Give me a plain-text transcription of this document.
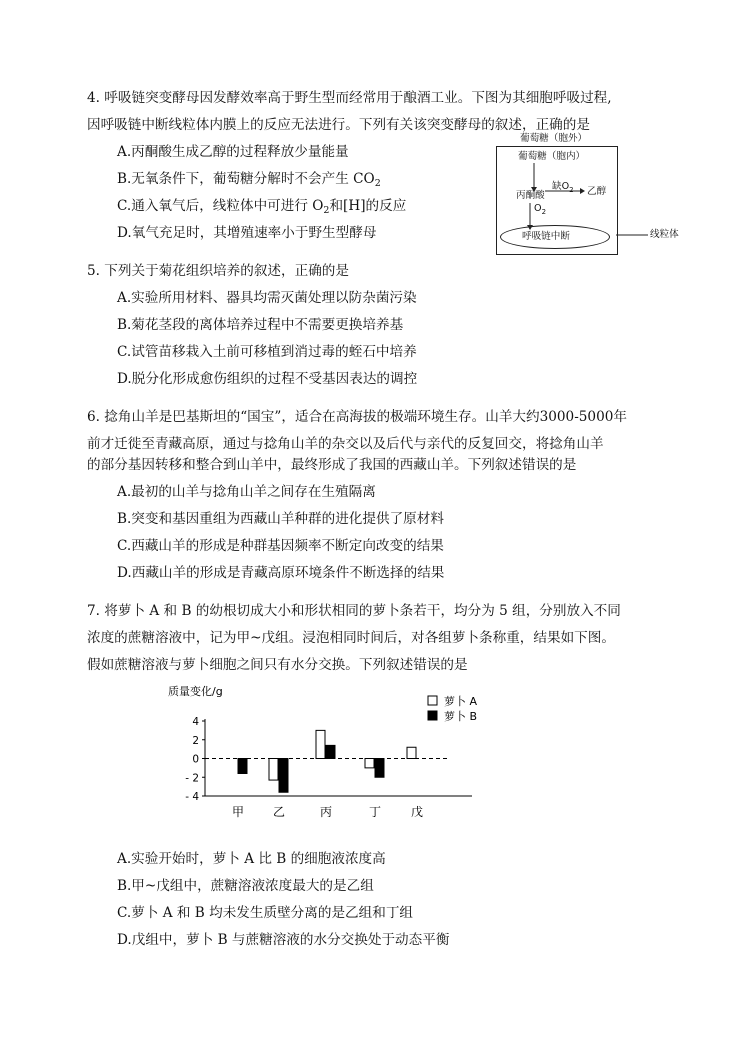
4. 呼吸链突变酵母因发酵效率高于野生型而经常用于酿酒工业。下图为其细胞呼吸过程,
因呼吸链中断线粒体内膜上的反应无法进行。下列有关该突变酵母的叙述，正确的是
A.丙酮酸生成乙醇的过程释放少量能量
B.无氧条件下，葡萄糖分解时不会产生 $CO_2$
C.通入氧气后，线粒体中可进行 $O_2$和[H]的反应
D.氧气充足时，其增殖速率小于野生型酵母
葡萄糖（胞外）
葡萄糖（胞内）
丙酮酸
缺$O_2$ 乙醇
$O_2$
呼吸链中断	线粒体
5. 下列关于菊花组织培养的叙述，正确的是
A.实验所用材料、器具均需灭菌处理以防杂菌污染
B.菊花茎段的离体培养过程中不需要更换培养基
C.试管苗移栽入土前可移植到消过毒的蛭石中培养
D.脱分化形成愈伤组织的过程不受基因表达的调控
6. 捻角山羊是巴基斯坦的“国宝”，适合在高海拔的极端环境生存。山羊大约3000-5000年
前才迁徙至青藏高原，通过与捻角山羊的杂交以及后代与亲代的反复回交，将捻角山羊
的部分基因转移和整合到山羊中，最终形成了我国的西藏山羊。下列叙述错误的是
A.最初的山羊与捻角山羊之间存在生殖隔离
B.突变和基因重组为西藏山羊种群的进化提供了原材料
C.西藏山羊的形成是种群基因频率不断定向改变的结果
D.西藏山羊的形成是青藏高原环境条件不断选择的结果
7. 将萝卜 A 和 B 的幼根切成大小和形状相同的萝卜条若干，均分为 5 组，分别放入不同
浓度的蔗糖溶液中，记为甲~戊组。浸泡相同时间后，对各组萝卜条称重，结果如下图。
假如蔗糖溶液与萝卜细胞之间只有水分交换。下列叙述错误的是
质量变化/g
萝卜 A
萝卜 B
4
2
0
- 2
- 4
甲 乙	丙	丁 戊
A.实验开始时，萝卜 A 比 B 的细胞液浓度高
B.甲~戊组中，蔗糖溶液浓度最大的是乙组
C.萝卜 A 和 B 均未发生质壁分离的是乙组和丁组
D.戊组中，萝卜 B 与蔗糖溶液的水分交换处于动态平衡
